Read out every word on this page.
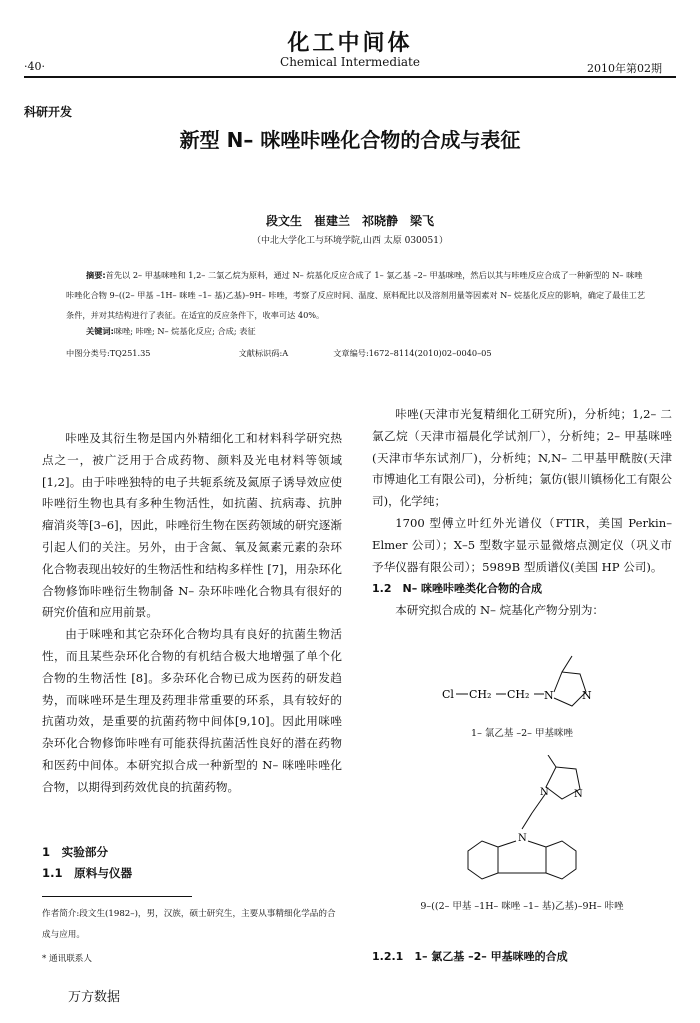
·40·
化工中间体
Chemical Intermediate	2010年第02期
科研开发
新型 N– 咪唑咔唑化合物的合成与表征
段文生　崔建兰　祁晓静　梁飞
（中北大学化工与环境学院,山西 太原 030051）
摘要:首先以 2– 甲基咪唑和 1,2– 二氯乙烷为原料，通过 N– 烷基化反应合成了 1– 氯乙基 –2– 甲基咪唑，然后以其与咔唑反应合成了一种新型的 N– 咪唑咔唑化合物 9–((2– 甲基 –1H– 咪唑 –1– 基)乙基)–9H– 咔唑，考察了反应时间、温度、原料配比以及溶剂用量等因素对 N– 烷基化反应的影响，确定了最佳工艺条件，并对其结构进行了表征。在适宜的反应条件下，收率可达 40%。
关键词:咪唑; 咔唑; N– 烷基化反应; 合成; 表征
中图分类号:TQ251.35	文献标识码:A	文章编号:1672–8114(2010)02–0040–05

咔唑及其衍生物是国内外精细化工和材料科学研究热点之一，被广泛用于合成药物、颜料及光电材料等领域[1,2]。由于咔唑独特的电子共轭系统及氮原子诱导效应使咔唑衍生物也具有多种生物活性，如抗菌、抗病毒、抗肿瘤消炎等[3–6]，因此，咔唑衍生物在医药领域的研究逐渐引起人们的关注。另外，由于含氮、氧及氮素元素的杂环化合物表现出较好的生物活性和结构多样性 [7]，用杂环化合物修饰咔唑衍生物制备 N– 杂环咔唑化合物具有很好的研究价值和应用前景。

由于咪唑和其它杂环化合物均具有良好的抗菌生物活性，而且某些杂环化合物的有机结合极大地增强了单个化合物的生物活性 [8]。多杂环化合物已成为医药的研发趋势，而咪唑环是生理及药理非常重要的环系，具有较好的抗菌功效，是重要的抗菌药物中间体[9,10]。因此用咪唑杂环化合物修饰咔唑有可能获得抗菌活性良好的潜在药物和医药中间体。本研究拟合成一种新型的 N– 咪唑咔唑化合物，以期得到药效优良的抗菌药物。

1　实验部分
1.1　原料与仪器
作者简介:段文生(1982–)，男，汉族，硕士研究生，主要从事精细化学品的合成与应用。
* 通讯联系人

咔唑(天津市光复精细化工研究所)，分析纯；1,2– 二氯乙烷（天津市福晨化学试剂厂），分析纯；2– 甲基咪唑(天津市华东试剂厂)，分析纯；N,N– 二甲基甲酰胺(天津市博迪化工有限公司)，分析纯；氯仿(银川镇杨化工有限公司)，化学纯；

1700 型傅立叶红外光谱仪（FTIR，美国 Perkin–Elmer 公司）；X–5 型数字显示显微熔点测定仪（巩义市予华仪器有限公司）；5989B 型质谱仪(美国 HP 公司)。

1.2　N– 咪唑咔唑类化合物的合成

本研究拟合成的 N– 烷基化产物分别为：

Cl CH₂ CH₂ N	N
1– 氯乙基 –2– 甲基咪唑
N
N
N
9–((2– 甲基 –1H– 咪唑 –1– 基)乙基)–9H– 咔唑
1.2.1　1– 氯乙基 –2– 甲基咪唑的合成
万方数据
